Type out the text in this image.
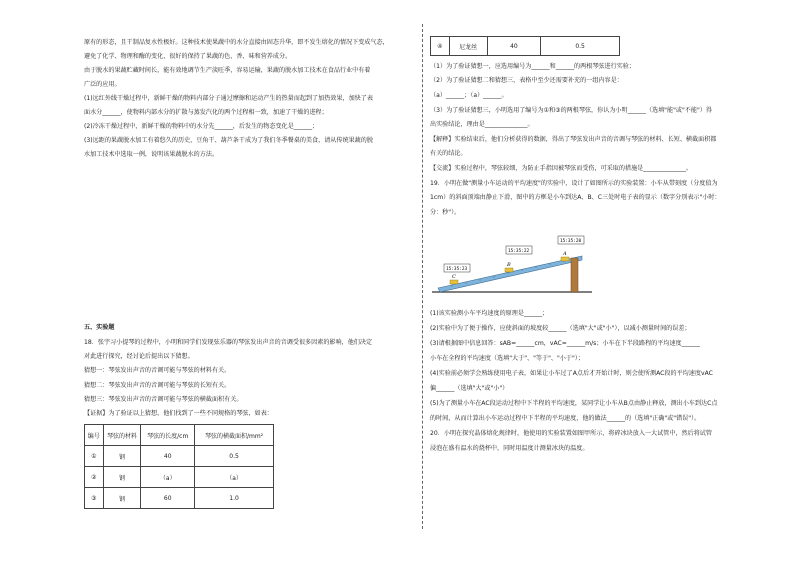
原有的形态，且干制品复水性极好。这种技术使果蔬中的水分直接由固态升华，即不发生熔化的情况下变成气态，
避免了化学、物理和酶的变化，很好的保持了果蔬的色、香、味和营养成分。
由于脱水的果蔬贮藏时间长，能有效地调节生产淡旺季，容易运输，果蔬的脱水加工技术在食品行业中有着
广泛的应用。
(1)远红外线干燥过程中，新鲜干燥的物料内部分子通过摩擦和运动产生的热量而起到了加热效果，加快了表
面水分______，使物料内部水分的扩散与蒸发汽化的两个过程相一致，加速了干燥的进程；
(2)冷冻干燥过程中，新鲜干燥的物料中的水分先______，后发生的物态变化是______；
(3)远距的果蔬脱水加工有着悠久的历史，豆角干、葫芦条干成为了我们冬季餐桌的美食，请从传统果蔬的脱
水加工技术中选取一例，说明该果蔬脱水的方法。
五、实验题
18．张宇习小提琴的过程中，小明和同学们发现弦乐器的琴弦发出声音的音调受很多因素的影响，他们决定
对此进行探究，经讨论后提出以下猜想。
猜想一：琴弦发出声音的音调可能与琴弦的材料有关。
猜想二：琴弦发出声音的音调可能与琴弦的长短有关。
猜想三：琴弦发出声音的音调可能与琴弦的横截面积有关。
【证据】为了验证以上猜想，他们找到了一些不同规格的琴弦，如表：
编号	琴弦的材料	琴弦的长度/cm	琴弦的横截面积/mm²
①	钢	40	0.5
②	钢	（a）	（a）
③	钢	60	1.0
④	尼龙丝	40	0.5
（1）为了验证猜想一，应选用编号为______和______的两根琴弦进行实验；
（2）为了验证猜想二和猜想三，表格中至少还需要补充的一组内容是：
（a）______；（a）______。
（3）为了验证猜想三，小明选用了编号为①和③的两根琴弦，你认为小明______（选填"能"或"不能"）得
出实验结论，理由是______________。
【解释】实验结束后，他们分析获得的数据，得出了琴弦发出声音的音调与琴弦的材料、长短、横截面积都
有关的结论。
【交流】实验过程中，琴弦较细，为防止手指因被琴弦而受伤，可采取的措施是______________。
19．小明在做"测量小车运动的平均速度"的实验中，设计了如图所示的实验装置：小车从带刻度（分度值为
1cm）的斜面顶端由静止下滑，图中的方框是小车到达A、B、C三处时电子表的显示（数字分别表示"小时：
分：秒"）。
A
B
C
15:35:20
15:35:22
15:35:23
(1)该实验测小车平均速度的原理是______；
(2)实验中为了便于操作，应使斜面的坡度较______（选填"大"或"小"），以减小测量时间的误差；
(3)请根据图中信息回答：sAB=______cm，vAC=______m/s；小车在下半段路程的平均速度______
小车在全程的平均速度（选填"大于"、"等于"、"小于"）；
(4)实验前必须学会熟练使用电子表，如果让小车过了A点后才开始计时，则会使所测AC段的平均速度vAC
偏______（选填"大"或"小"）
(5)为了测量小车在AC段运动过程中下半程的平均速度，某同学让小车从B点由静止释放，测出小车到达C点
的时间，从而计算出小车运动过程中下半程的平均速度，他的做法______的（选填"正确"或"错误"）。
20．小明在探究晶体熔化规律时，他使用的实验装置如图甲所示，将碎冰块放入一大试管中，然后将试管
浸泡在盛有温水的烧杯中，同时用温度计测量冰块的温度。
